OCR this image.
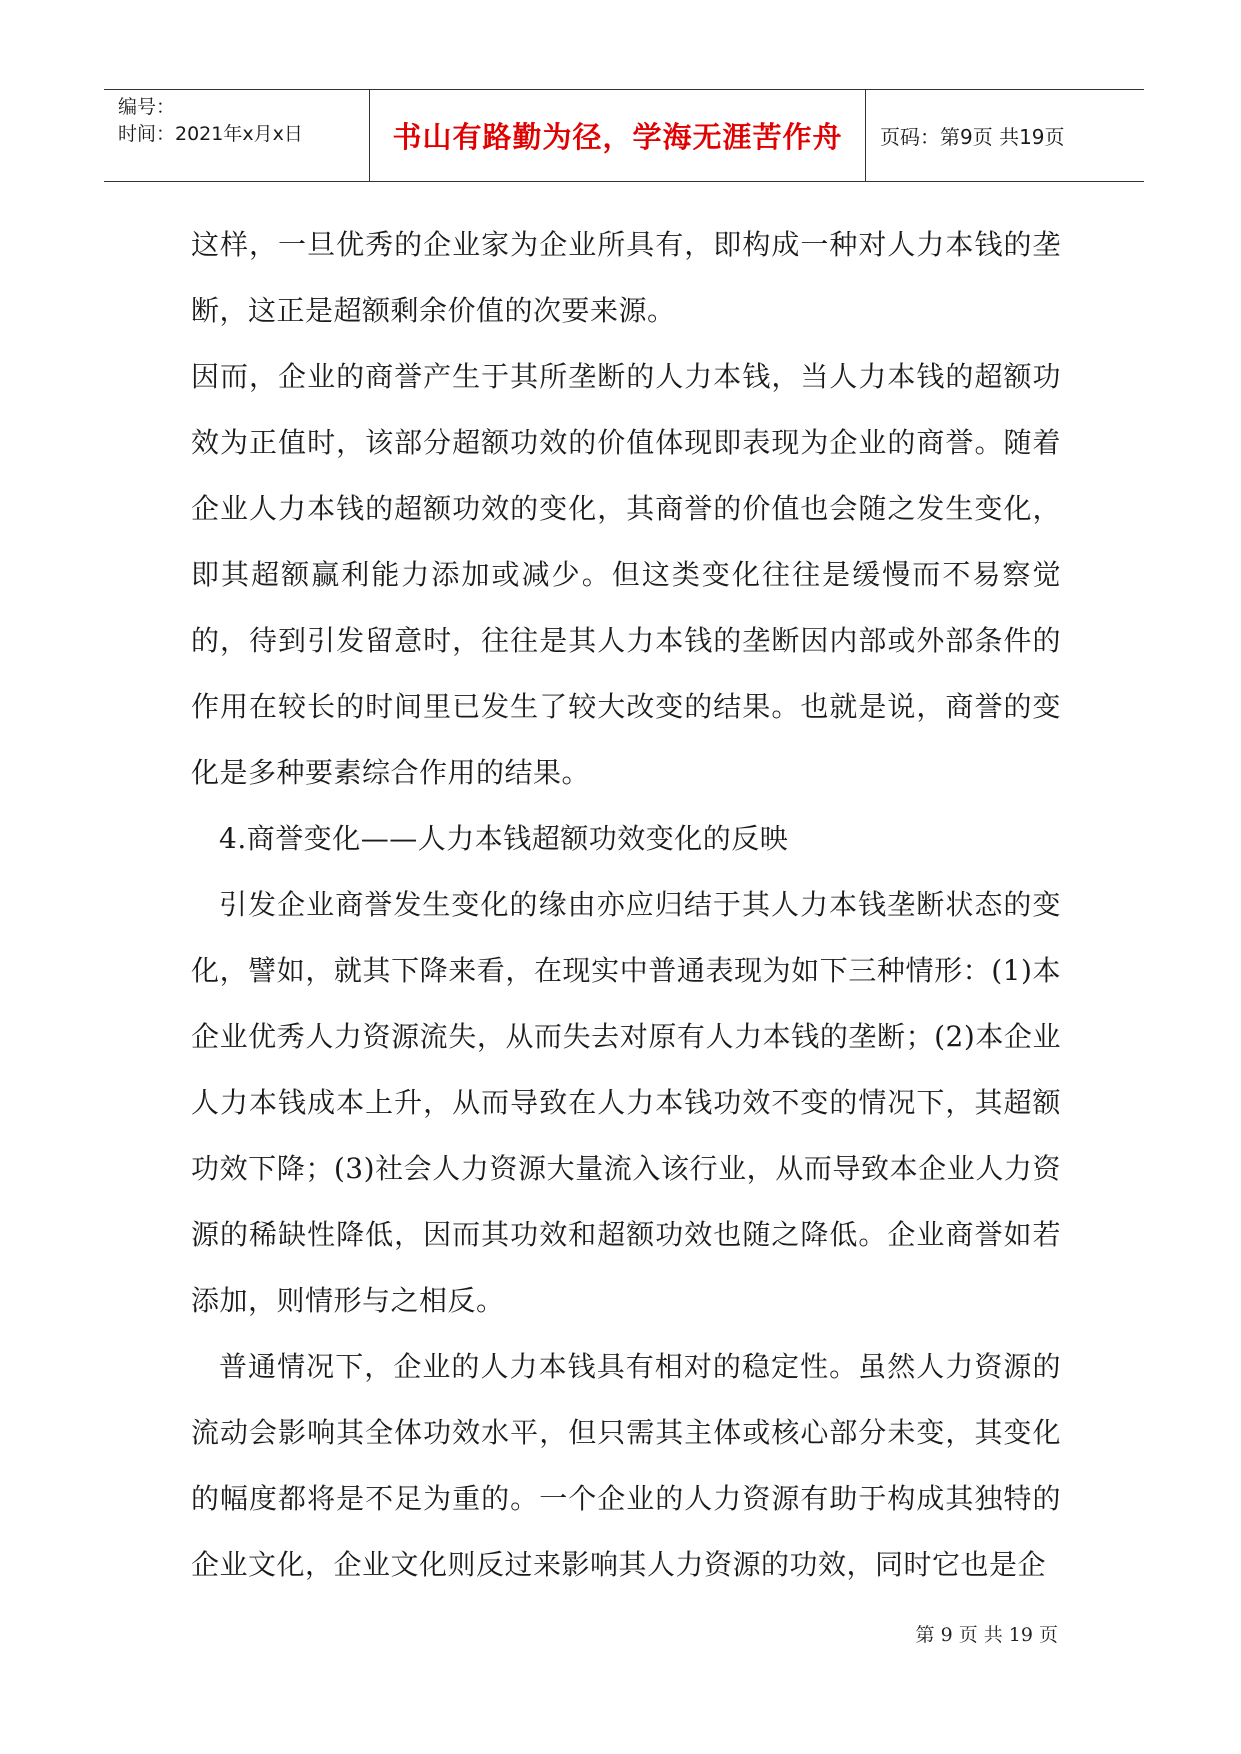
编号：
时间：2021年x月x日	书山有路勤为径，学海无涯苦作舟	页码：第9页 共19页

这样，一旦优秀的企业家为企业所具有，即构成一种对人力本钱的垄断，这正是超额剩余价值的次要来源。

因而，企业的商誉产生于其所垄断的人力本钱，当人力本钱的超额功效为正值时，该部分超额功效的价值体现即表现为企业的商誉。随着企业人力本钱的超额功效的变化，其商誉的价值也会随之发生变化，即其超额赢利能力添加或减少。但这类变化往往是缓慢而不易察觉的，待到引发留意时，往往是其人力本钱的垄断因内部或外部条件的作用在较长的时间里已发生了较大改变的结果。也就是说，商誉的变化是多种要素综合作用的结果。

4.商誉变化——人力本钱超额功效变化的反映

引发企业商誉发生变化的缘由亦应归结于其人力本钱垄断状态的变化，譬如，就其下降来看，在现实中普通表现为如下三种情形：(1)本企业优秀人力资源流失，从而失去对原有人力本钱的垄断；(2)本企业人力本钱成本上升，从而导致在人力本钱功效不变的情况下，其超额功效下降；(3)社会人力资源大量流入该行业，从而导致本企业人力资源的稀缺性降低，因而其功效和超额功效也随之降低。企业商誉如若添加，则情形与之相反。

普通情况下，企业的人力本钱具有相对的稳定性。虽然人力资源的流动会影响其全体功效水平，但只需其主体或核心部分未变，其变化的幅度都将是不足为重的。一个企业的人力资源有助于构成其独特的企业文化，企业文化则反过来影响其人力资源的功效，同时它也是企

第 9 页 共 19 页
